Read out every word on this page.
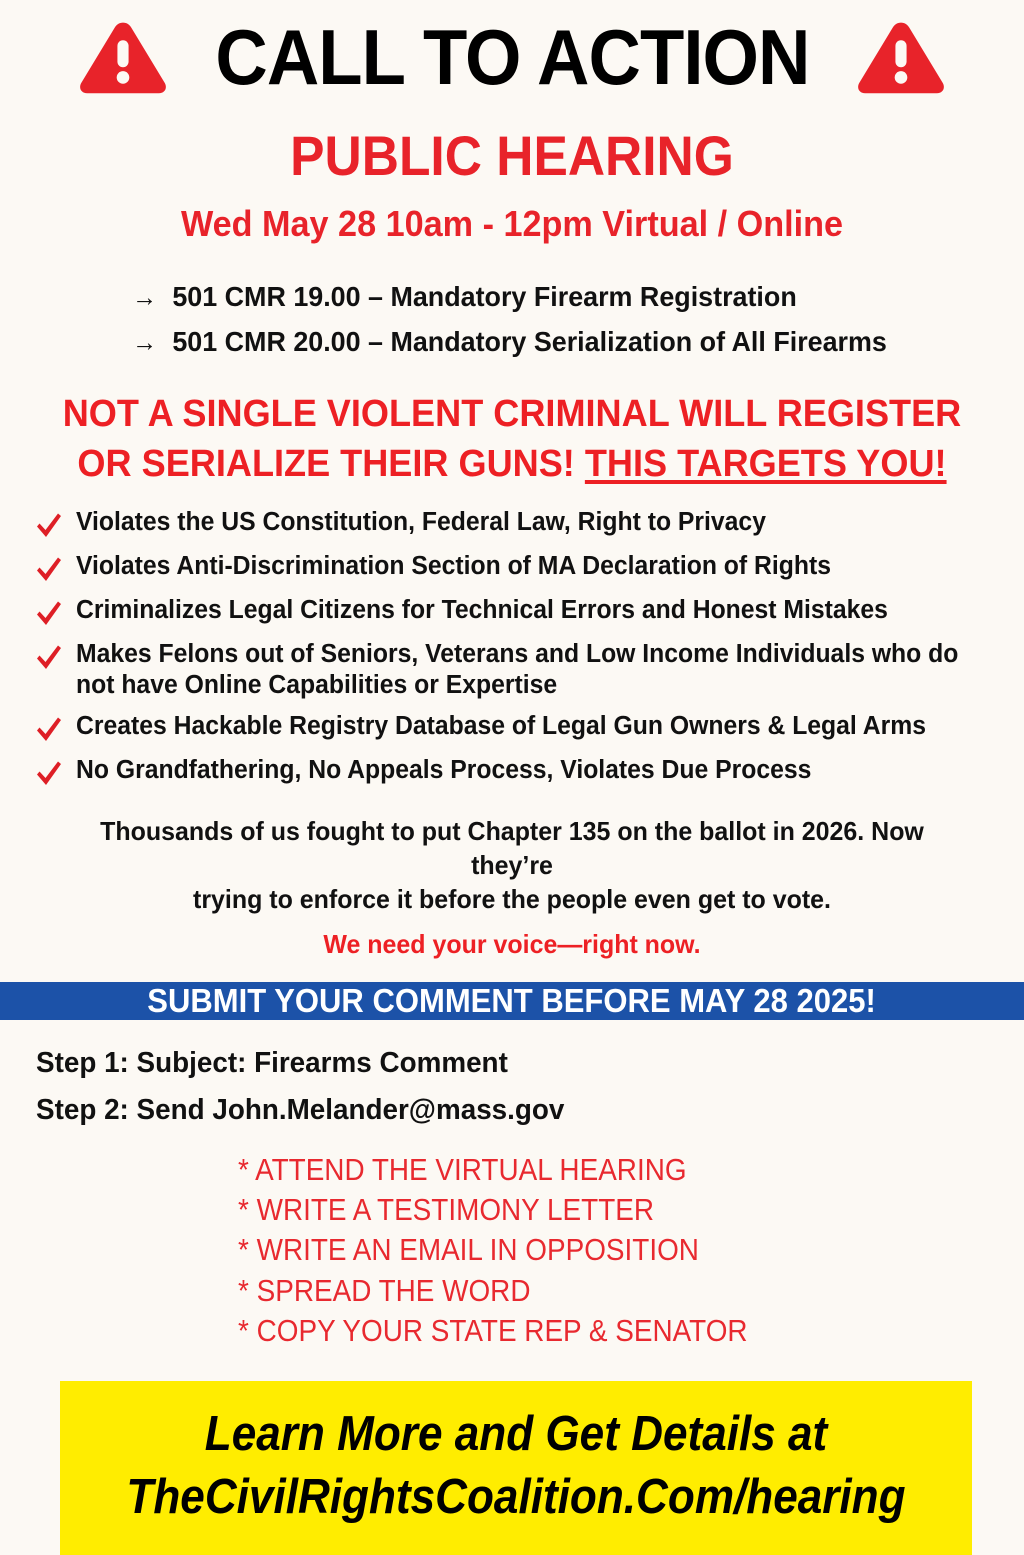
CALL TO ACTION
PUBLIC HEARING
Wed May 28 10am - 12pm Virtual / Online
→ 501 CMR 19.00 – Mandatory Firearm Registration
→ 501 CMR 20.00 – Mandatory Serialization of All Firearms
NOT A SINGLE VIOLENT CRIMINAL WILL REGISTER
OR SERIALIZE THEIR GUNS! THIS TARGETS YOU!
Violates the US Constitution, Federal Law, Right to Privacy
Violates Anti-Discrimination Section of MA Declaration of Rights
Criminalizes Legal Citizens for Technical Errors and Honest Mistakes
Makes Felons out of Seniors, Veterans and Low Income Individuals who do not have Online Capabilities or Expertise
Creates Hackable Registry Database of Legal Gun Owners & Legal Arms
No Grandfathering, No Appeals Process, Violates Due Process
Thousands of us fought to put Chapter 135 on the ballot in 2026. Now they’re
trying to enforce it before the people even get to vote.
We need your voice—right now.
SUBMIT YOUR COMMENT BEFORE MAY 28 2025!
Step 1: Subject: Firearms Comment
Step 2: Send John.Melander@mass.gov
* ATTEND THE VIRTUAL HEARING
* WRITE A TESTIMONY LETTER
* WRITE AN EMAIL IN OPPOSITION
* SPREAD THE WORD
* COPY YOUR STATE REP & SENATOR
Learn More and Get Details at
TheCivilRightsCoalition.Com/hearing
